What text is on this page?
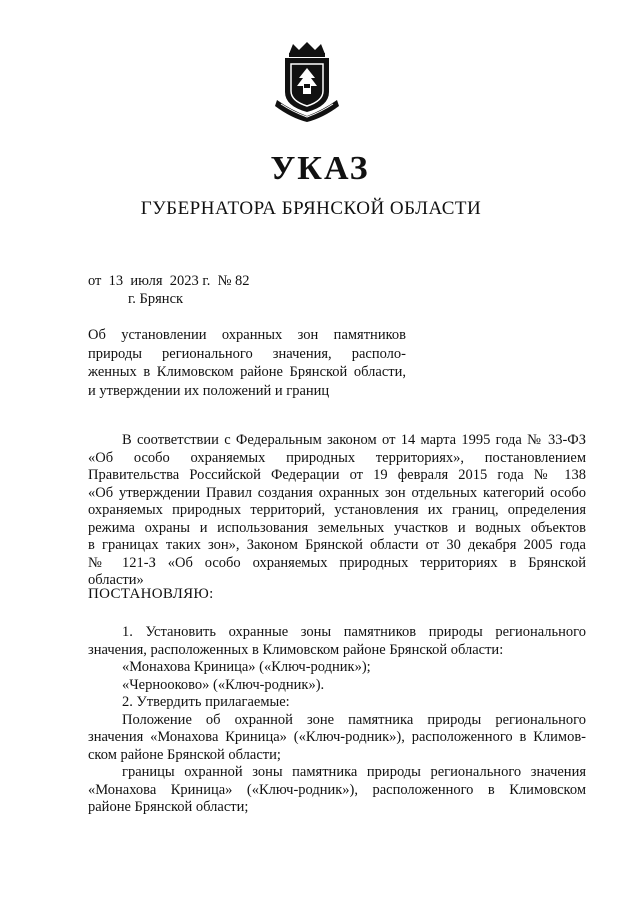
УКАЗ
ГУБЕРНАТОРА БРЯНСКОЙ ОБЛАСТИ
от  13  июля  2023 г.  № 82
г. Брянск
Об установлении охранных зон памятников
природы регионального значения, располо-
женных в Климовском районе Брянской области,
и утверждении их положений и границ
В соответствии с Федеральным законом от 14 марта 1995 года № 33-ФЗ
«Об особо охраняемых природных территориях», постановлением
Правительства Российской Федерации от 19 февраля 2015 года № 138
«Об утверждении Правил создания охранных зон отдельных категорий особо
охраняемых природных территорий, установления их границ, определения
режима охраны и использования земельных участков и водных объектов
в границах таких зон», Законом Брянской области от 30 декабря 2005 года
№ 121-З «Об особо охраняемых природных территориях в Брянской
области»
ПОСТАНОВЛЯЮ:
1. Установить охранные зоны памятников природы регионального
значения, расположенных в Климовском районе Брянской области:
«Монахова Криница» («Ключ-родник»);
«Чернооково» («Ключ-родник»).
2. Утвердить прилагаемые:
Положение об охранной зоне памятника природы регионального
значения «Монахова Криница» («Ключ-родник»), расположенного в Климов-
ском районе Брянской области;
границы охранной зоны памятника природы регионального значения
«Монахова Криница» («Ключ-родник»), расположенного в Климовском
районе Брянской области;
